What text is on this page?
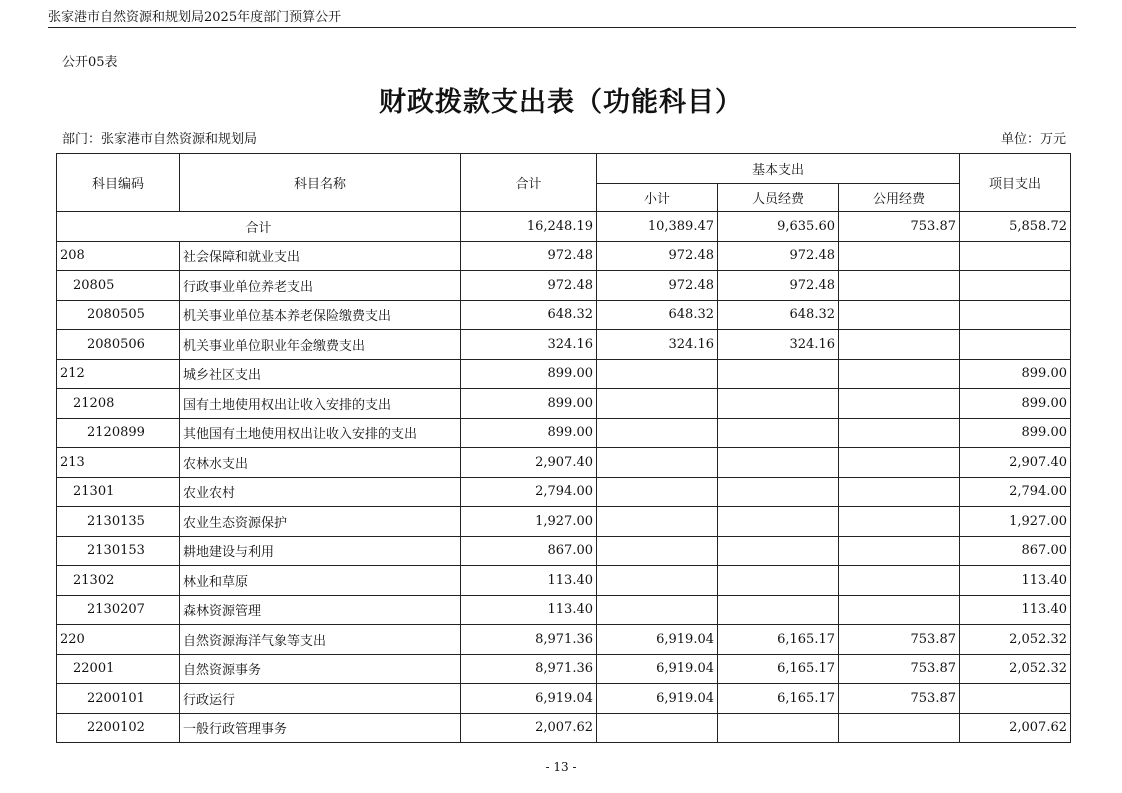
张家港市自然资源和规划局2025年度部门预算公开
公开05表
财政拨款支出表（功能科目）
部门：张家港市自然资源和规划局	单位：万元
科目编码	科目名称	合计	基本支出			项目支出
			小计	人员经费	公用经费	
合计		16,248.19	10,389.47	9,635.60	753.87	5,858.72
208	社会保障和就业支出	972.48	972.48	972.48		
20805	行政事业单位养老支出	972.48	972.48	972.48		
2080505	机关事业单位基本养老保险缴费支出	648.32	648.32	648.32		
2080506	机关事业单位职业年金缴费支出	324.16	324.16	324.16		
212	城乡社区支出	899.00				899.00
21208	国有土地使用权出让收入安排的支出	899.00				899.00
2120899	其他国有土地使用权出让收入安排的支出	899.00				899.00
213	农林水支出	2,907.40				2,907.40
21301	农业农村	2,794.00				2,794.00
2130135	农业生态资源保护	1,927.00				1,927.00
2130153	耕地建设与利用	867.00				867.00
21302	林业和草原	113.40				113.40
2130207	森林资源管理	113.40				113.40
220	自然资源海洋气象等支出	8,971.36	6,919.04	6,165.17	753.87	2,052.32
22001	自然资源事务	8,971.36	6,919.04	6,165.17	753.87	2,052.32
2200101	行政运行	6,919.04	6,919.04	6,165.17	753.87	
2200102	一般行政管理事务	2,007.62				2,007.62
- 13 -
